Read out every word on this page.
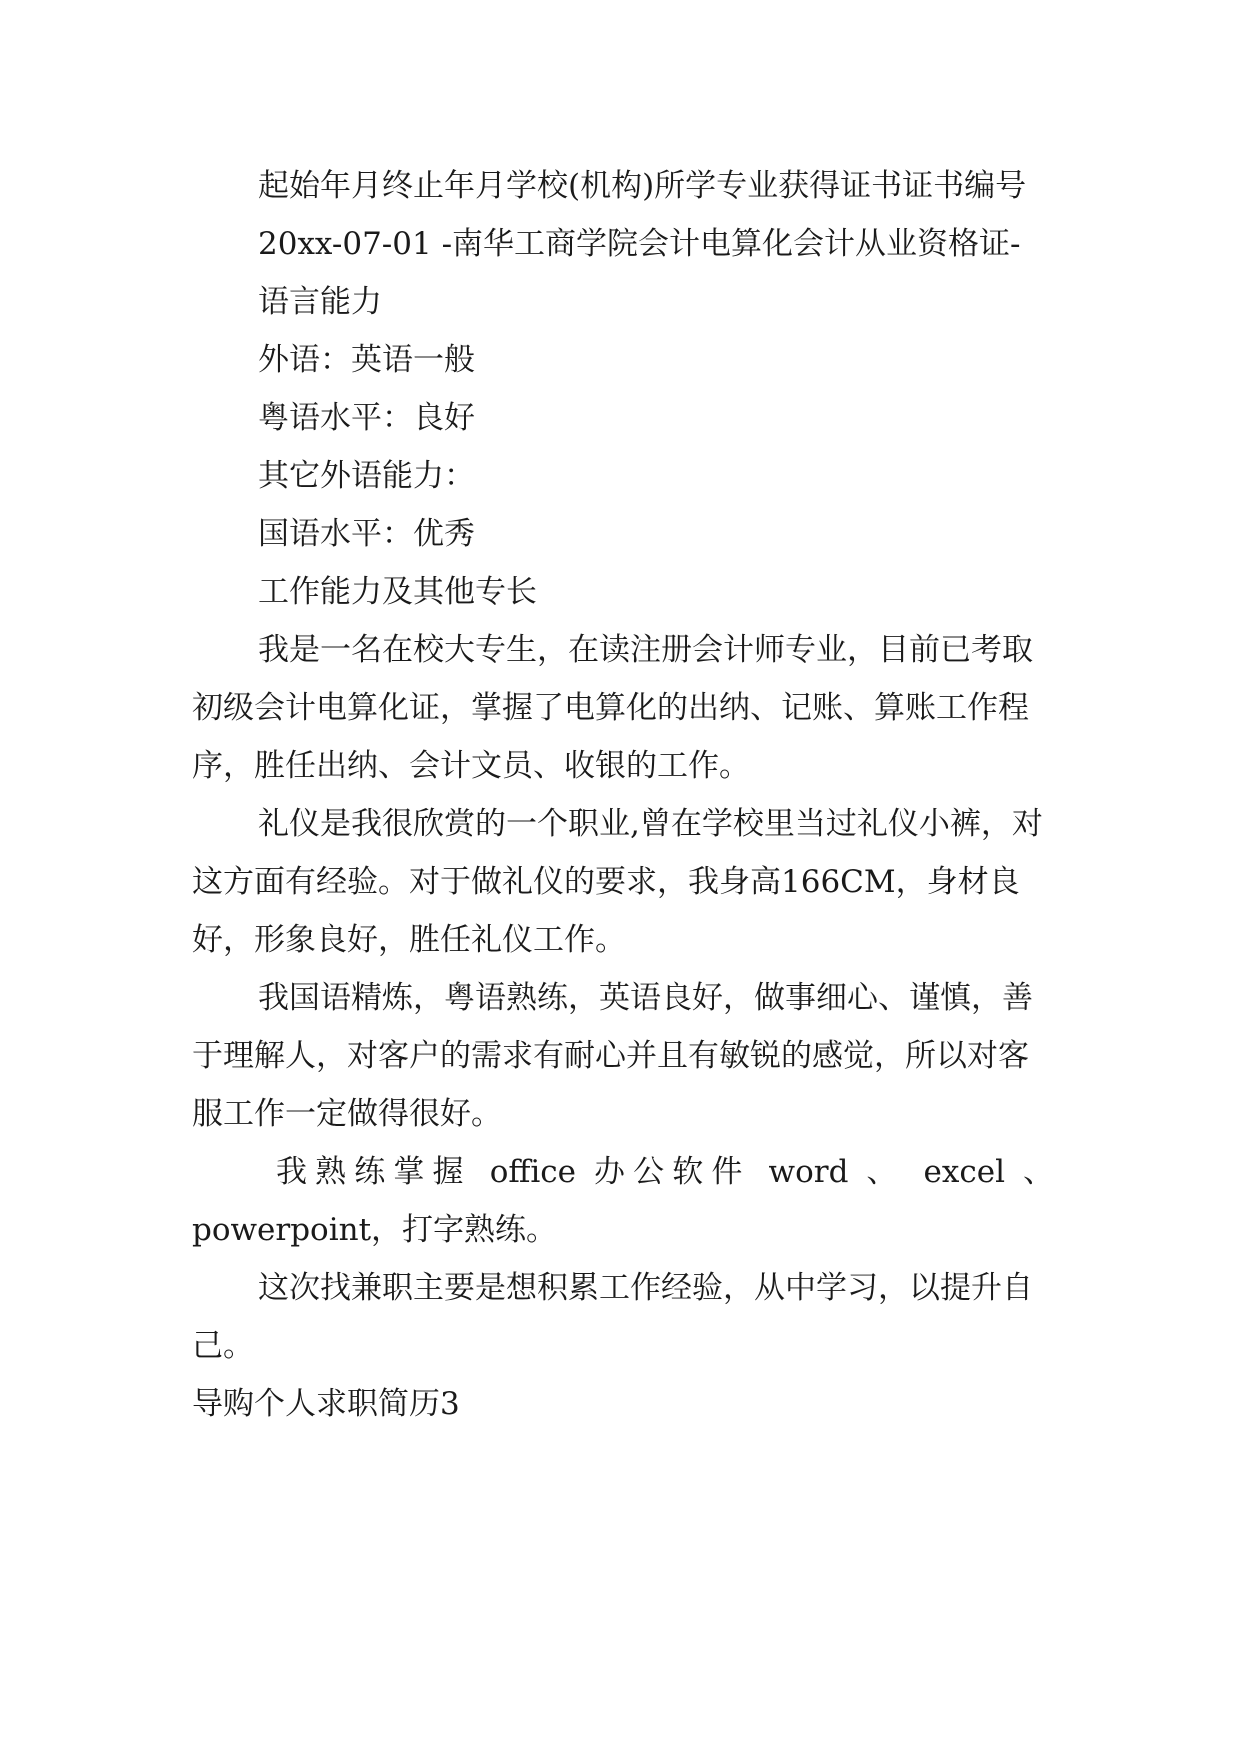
起始年月终止年月学校(机构)所学专业获得证书证书编号

20xx-07-01 -南华工商学院会计电算化会计从业资格证-

语言能力

外语：英语一般

粤语水平：良好

其它外语能力：

国语水平：优秀

工作能力及其他专长

我是一名在校大专生，在读注册会计师专业，目前已考取初级会计电算化证，掌握了电算化的出纳、记账、算账工作程序，胜任出纳、会计文员、收银的工作。

礼仪是我很欣赏的一个职业,曾在学校里当过礼仪小裤，对这方面有经验。对于做礼仪的要求，我身高166CM，身材良好，形象良好，胜任礼仪工作。

我国语精炼，粤语熟练，英语良好，做事细心、谨慎，善于理解人，对客户的需求有耐心并且有敏锐的感觉，所以对客服工作一定做得很好。

我熟练掌握 office 办公软件 word 、 excel 、
powerpoint，打字熟练。

这次找兼职主要是想积累工作经验，从中学习，以提升自己。

导购个人求职简历3
